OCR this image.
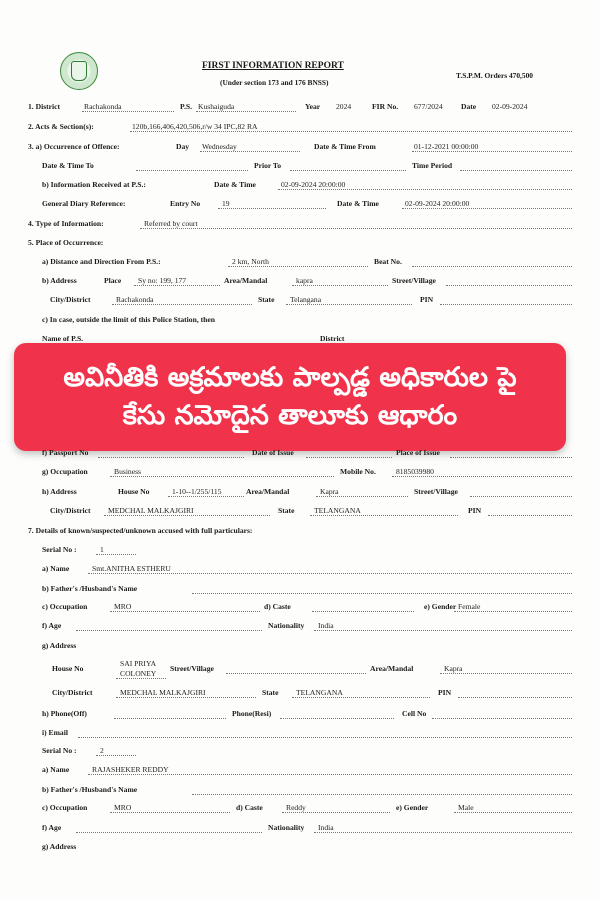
FIRST INFORMATION REPORT
(Under section 173 and 176 BNSS)
T.S.P.M. Orders 470,500
1. District	Rachakonda	P.S. Kushaiguda	Year 2024	FIR No. 677/2024 Date 02-09-2024
2. Acts & Section(s):	120b,166,406,420,506,r/w 34 IPC,82 RA
3. a) Occurrence of Offence:	Day Wednesday	Date & Time From	01-12-2021 00:00:00
Date & Time To	Prior To	Time Period
b) Information Received at P.S.:	Date & Time	02-09-2024 20:00:00
General Diary Reference:	Entry No	19	Date & Time	02-09-2024 20:00:00
4. Type of Information:	Referred by court
5. Place of Occurrence:
a) Distance and Direction From P.S.:	2 km, North	Beat No.
b) Address	Place Sy no: 199, 177	Area/Mandal	kapra	Street/Village
City/District	Rachakonda	State Telangana	PIN
c) In case, outside the limit of this Police Station, then
Name of P.S.	District
అవినీతికి అక్రమాలకు పాల్పడ్డ అధికారుల పై
కేసు నమోదైన తాలూకు ఆధారం
f) Passport No	Date of Issue	Place of Issue
g) Occupation	Business	Mobile No.	8185039980
h) Address	House No	1-10--1/255/115	Area/Mandal	Kapra	Street/Village
City/District MEDCHAL MALKAJGIRI	State	TELANGANA	PIN
7. Details of known/suspected/unknown accused with full particulars:
Serial No :	1
a) Name	Smt.ANITHA ESTHERU
b) Father's /Husband's Name
c) Occupation	MRO	d) Caste	e) Gender Female
f) Age	Nationality India
g) Address
House No
SAI PRIYA
COLONEY
Street/Village	Area/Mandal	Kapra
City/District	MEDCHAL MALKAJGIRI	State TELANGANA	PIN
h) Phone(Off)	Phone(Resi)	Cell No
i) Email
Serial No :	2
a) Name	RAJASHEKER REDDY
b) Father's /Husband's Name
c) Occupation	MRO	d) Caste	Reddy	e) Gender	Male
f) Age	Nationality India
g) Address
